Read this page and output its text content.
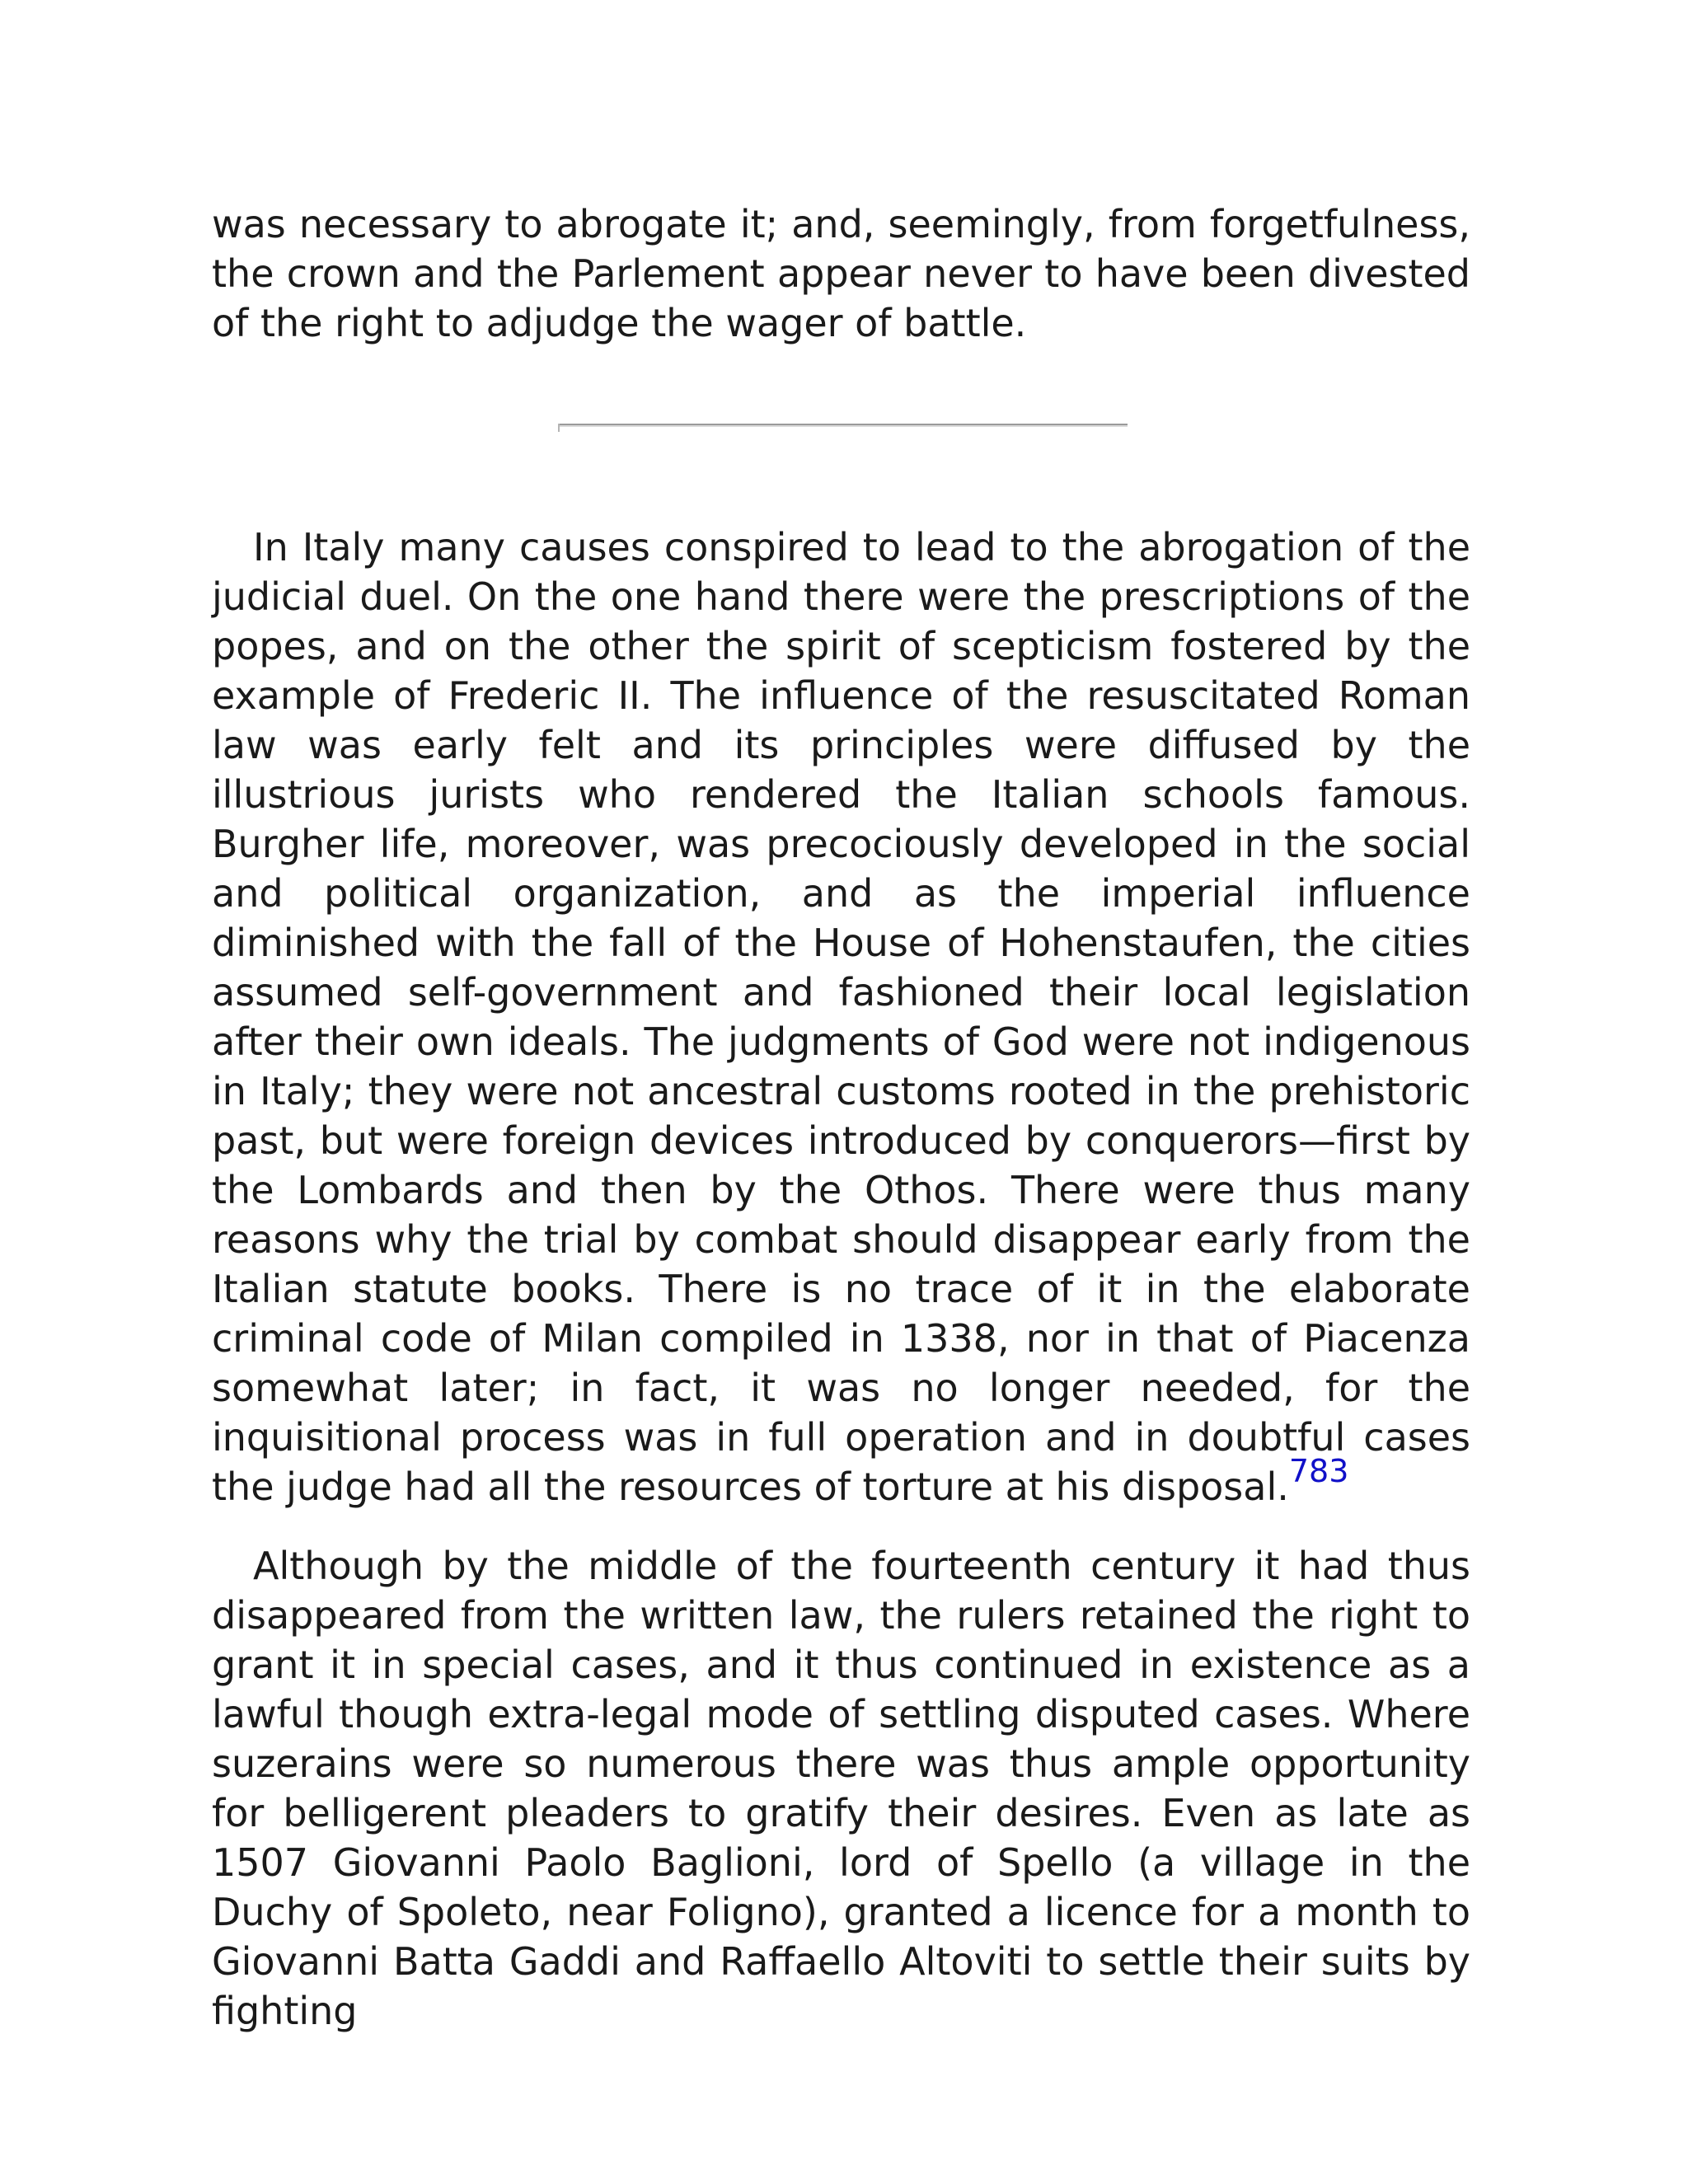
was necessary to abrogate it; and, seemingly, from forgetfulness, the crown and the Parlement appear never to have been divested of the right to adjudge the wager of battle.

In Italy many causes conspired to lead to the abrogation of the judicial duel. On the one hand there were the prescriptions of the popes, and on the other the spirit of scepticism fostered by the example of Frederic II. The influence of the resuscitated Roman law was early felt and its principles were diffused by the illustrious jurists who rendered the Italian schools famous. Burgher life, moreover, was precociously developed in the social and political organization, and as the imperial influence diminished with the fall of the House of Hohenstaufen, the cities assumed self-government and fashioned their local legislation after their own ideals. The judgments of God were not indigenous in Italy; they were not ancestral customs rooted in the prehistoric past, but were foreign devices introduced by conquerors—first by the Lombards and then by the Othos. There were thus many reasons why the trial by combat should disappear early from the Italian statute books. There is no trace of it in the elaborate criminal code of Milan compiled in 1338, nor in that of Piacenza somewhat later; in fact, it was no longer needed, for the inquisitional process was in full operation and in doubtful cases the judge had all the resources of torture at his disposal.$^{783}$

Although by the middle of the fourteenth century it had thus disappeared from the written law, the rulers retained the right to grant it in special cases, and it thus continued in existence as a lawful though extra-legal mode of settling disputed cases. Where suzerains were so numerous there was thus ample opportunity for belligerent pleaders to gratify their desires. Even as late as 1507 Giovanni Paolo Baglioni, lord of Spello (a village in the Duchy of Spoleto, near Foligno), granted a licence for a month to Giovanni Batta Gaddi and Raffaello Altoviti to settle their suits by fighting
